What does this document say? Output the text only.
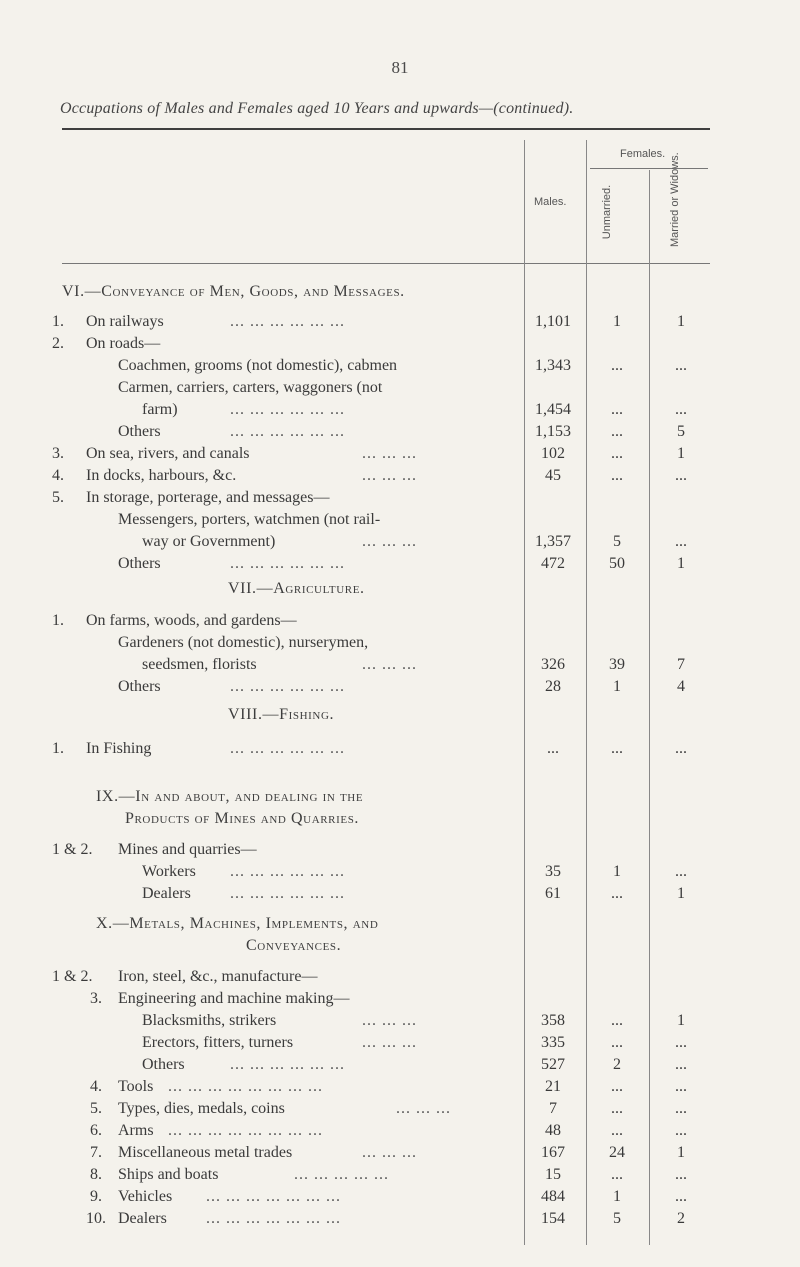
81
Occupations of Males and Females aged 10 Years and upwards—(continued).
Females.
Males.	Unmarried.	Married or Widows.
VI.—Conveyance of Men, Goods, and Messages.
VII.—Agriculture.
VIII.—Fishing.
IX.—In and about, and dealing in the
Products of Mines and Quarries.
X.—Metals, Machines, Implements, and
Conveyances.
1.	On railways	... ... ... ... ... ...	1,101	1	1
2.	On roads—
Coachmen, grooms (not domestic), cabmen	1,343	...	...
Carmen, carriers, carters, waggoners (not
farm)	... ... ... ... ... ...	1,454	...	...
Others	... ... ... ... ... ...	1,153	...	5
3.	On sea, rivers, and canals	... ... ...	102	...	1
4.	In docks, harbours, &c.	... ... ...	45	...	...
5.	In storage, porterage, and messages—
Messengers, porters, watchmen (not rail-
way or Government)	... ... ...	1,357	5	...
Others	... ... ... ... ... ...	472	50	1
1.	On farms, woods, and gardens—
Gardeners (not domestic), nurserymen,
seedsmen, florists	... ... ...	326	39	7
Others	... ... ... ... ... ...	28	1	4
1.	In Fishing	... ... ... ... ... ...	...	...	...
1 & 2. Mines and quarries—
Workers ... ... ... ... ... ...	35	1	...
Dealers ... ... ... ... ... ...	61	...	1
1 & 2. Iron, steel, &c., manufacture—
3.	Engineering and machine making—
Blacksmiths, strikers	... ... ...	358	...	1
Erectors, fitters, turners	... ... ...	335	...	...
Others	... ... ... ... ... ...	527	2	...
4.	Tools ... ... ... ... ... ... ... ...	21	...	...
5.	Types, dies, medals, coins	... ... ...	7	...	...
6.	Arms ... ... ... ... ... ... ... ...	48	...	...
7.	Miscellaneous metal trades	... ... ...	167	24	1
8.	Ships and boats	... ... ... ... ...	15	...	...
9.	Vehicles ... ... ... ... ... ... ...	484	1	...
10. Dealers ... ... ... ... ... ... ...	154	5	2
